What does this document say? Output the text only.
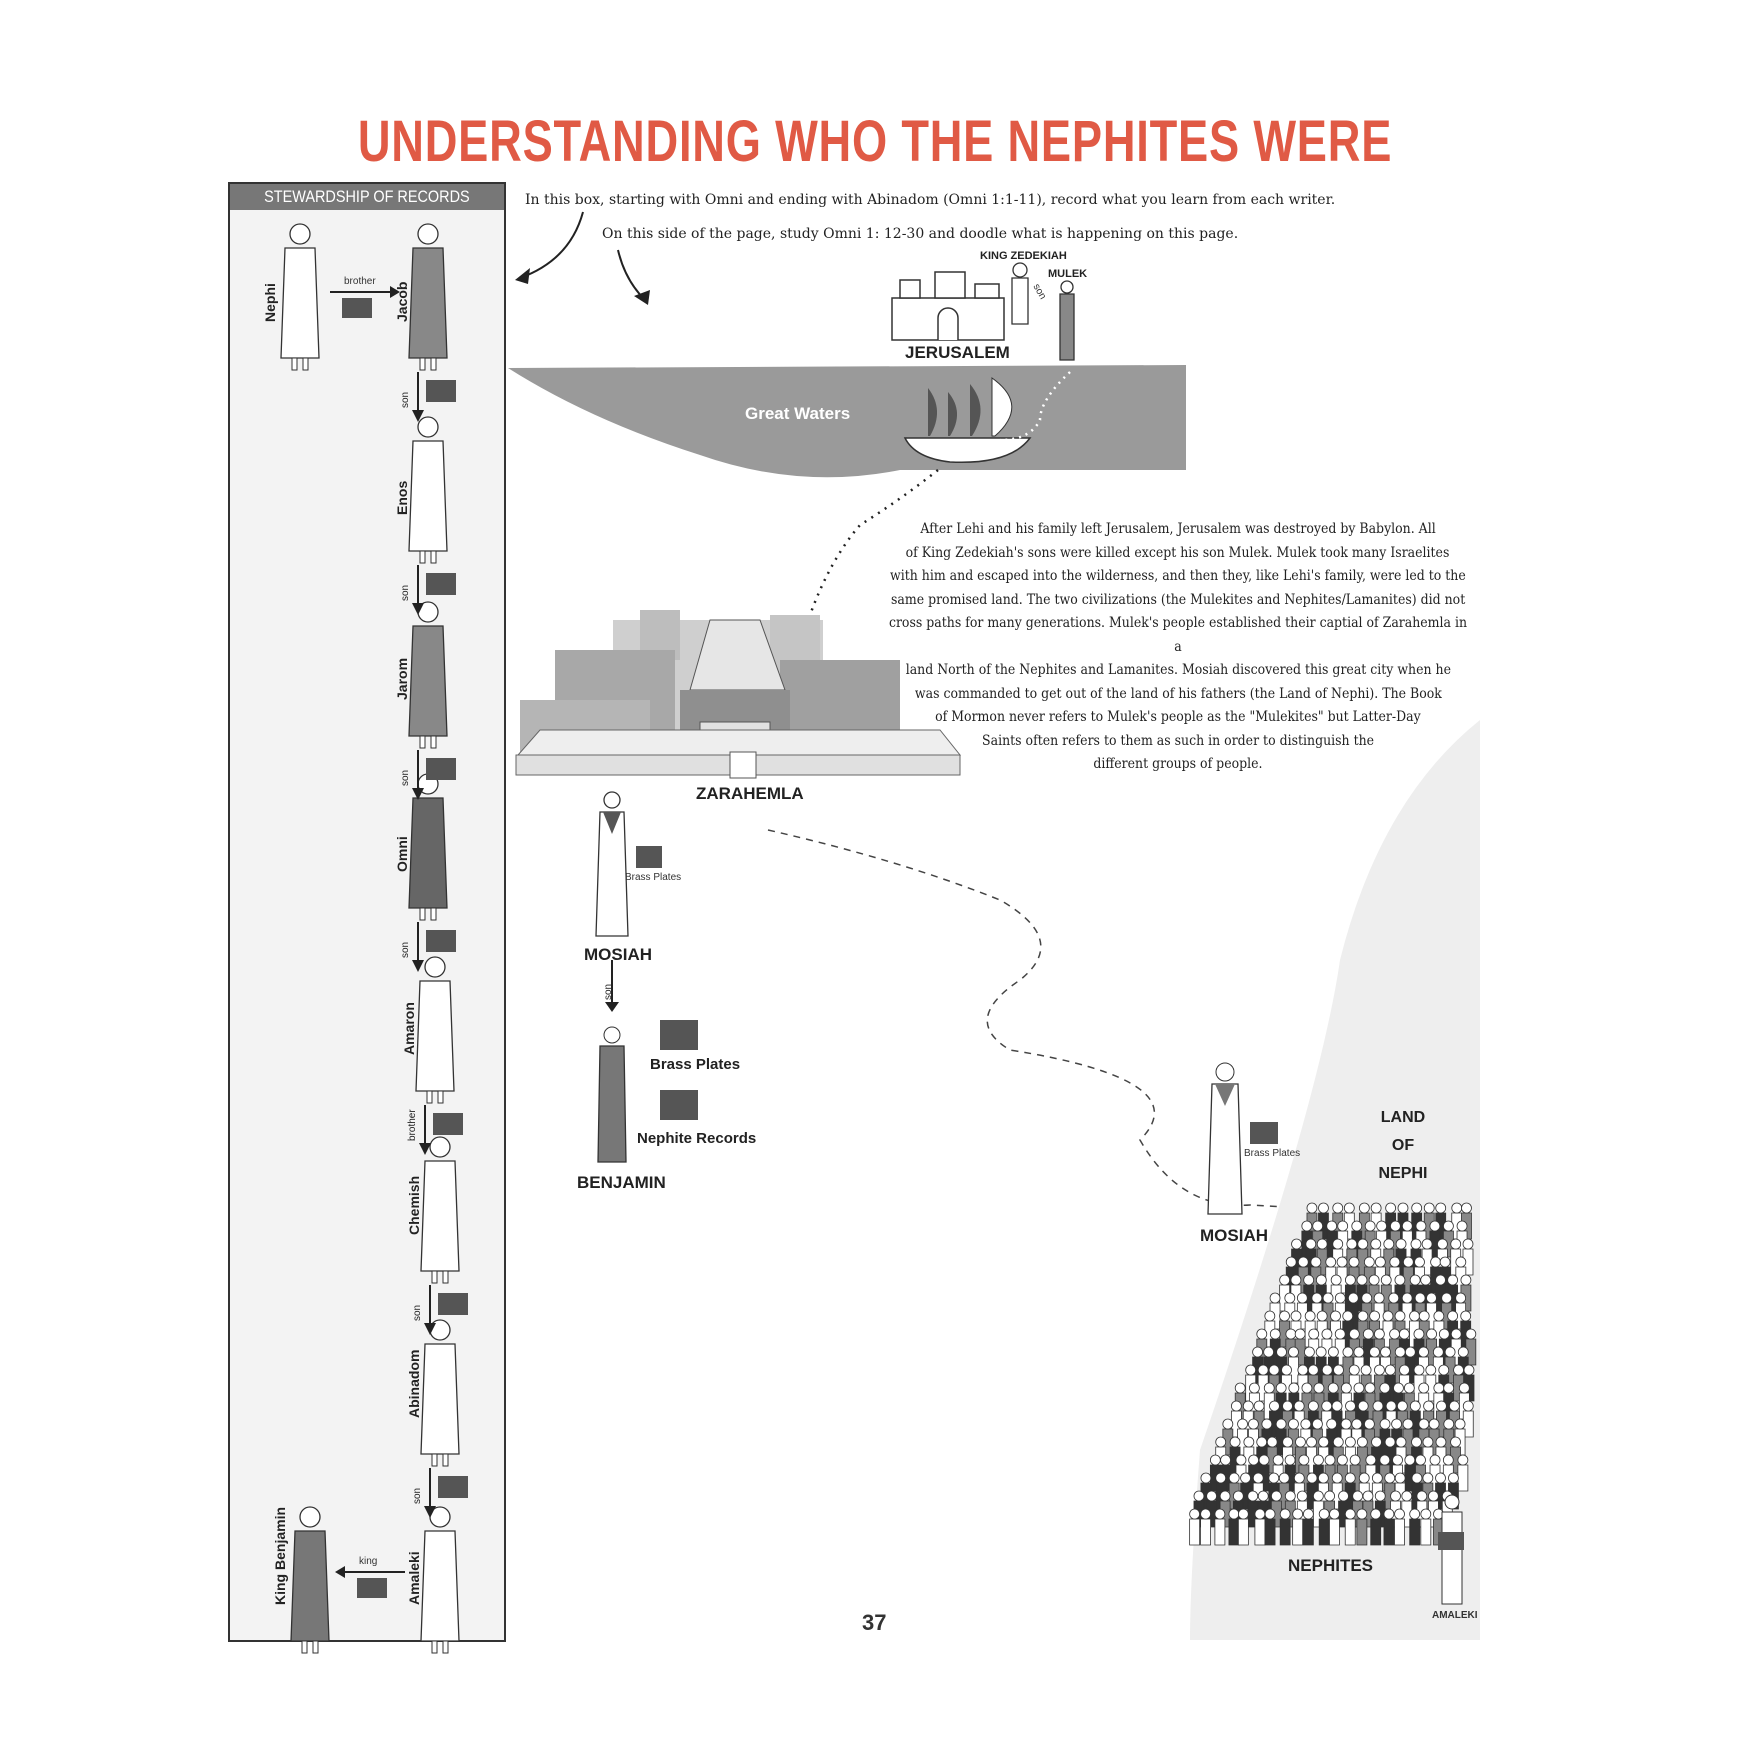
UNDERSTANDING WHO THE NEPHITES WERE
STEWARDSHIP OF RECORDS	In this box, starting with Omni and ending with Abinadom (Omni 1:1-11), record what you learn from each writer.
On this side of the page, study Omni 1: 12-30 and doodle what is happening on this page.
KING ZEDEKIAH
MULEK
son
JERUSALEM
Great Waters
ZARAHEMLA
Brass Plates
MOSIAH
son
Brass Plates
Nephite Records
BENJAMIN
Brass Plates
MOSIAH
LAND
OF
NEPHI
NEPHITES
AMALEKI
After Lehi and his family left Jerusalem, Jerusalem was destroyed by Babylon. All
of King Zedekiah's sons were killed except his son Mulek. Mulek took many Israelites
with him and escaped into the wilderness, and then they, like Lehi's family, were led to the
same promised land. The two civilizations (the Mulekites and Nephites/Lamanites) did not
cross paths for many generations. Mulek's people established their captial of Zarahemla in a
land North of the Nephites and Lamanites. Mosiah discovered this great city when he
was commanded to get out of the land of his fathers (the Land of Nephi). The Book
of Mormon never refers to Mulek's people as the "Mulekites" but Latter-Day
Saints often refers to them as such in order to distinguish the
different groups of people.
Nephi	Jacob
Enos
Jarom
Omni
Amaron
Chemish
Abinadom
Amaleki
King Benjamin
brother
son
son
son
son
brother
son
son
king
37
